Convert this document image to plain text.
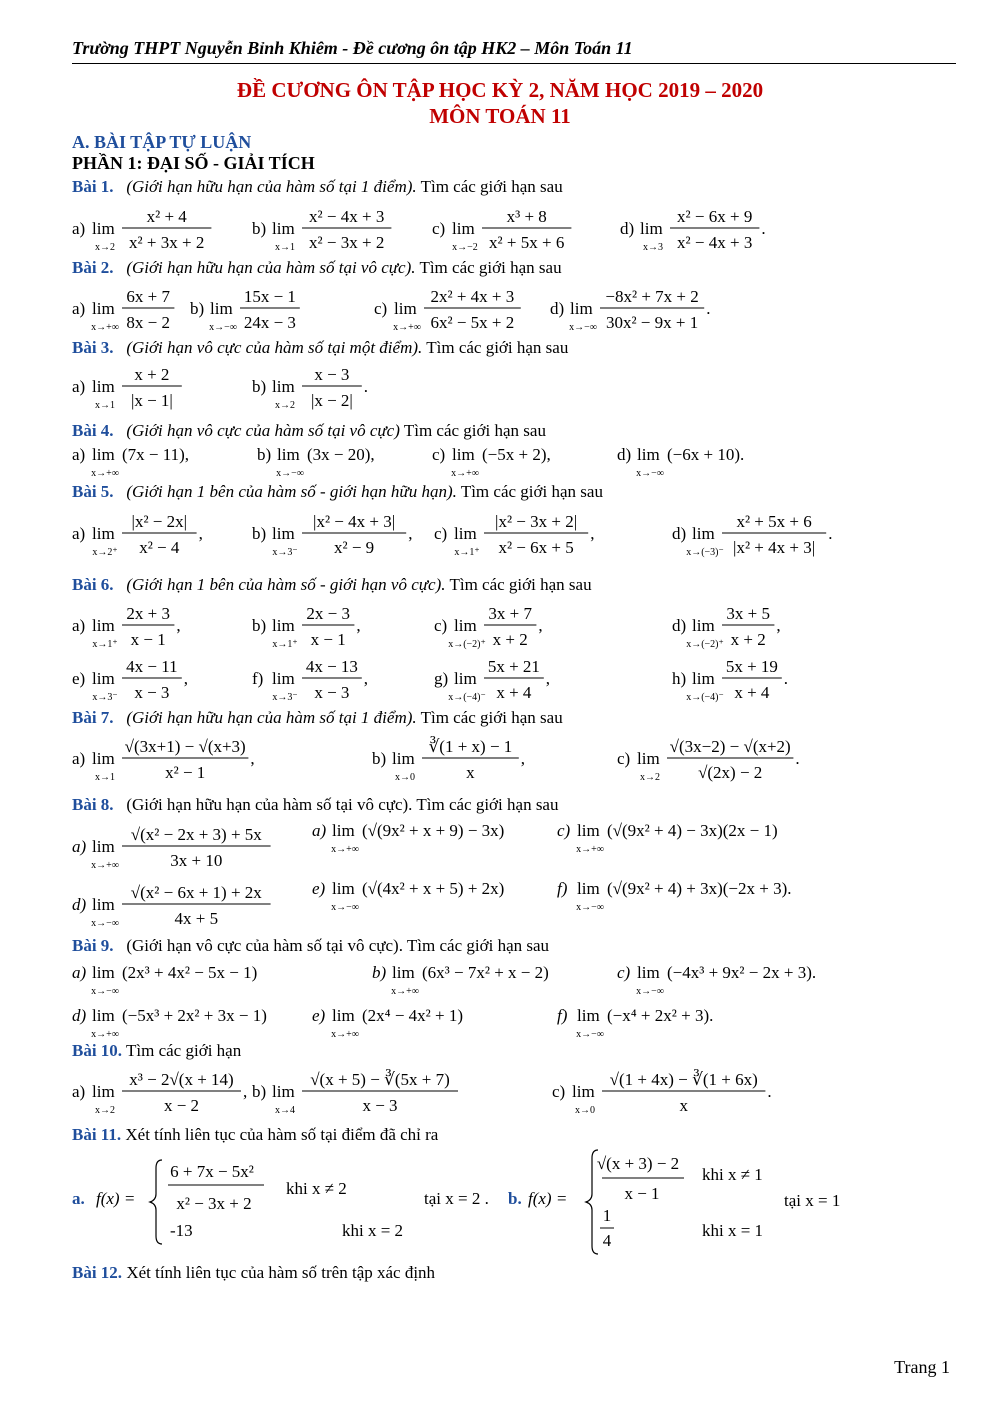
Trường THPT Nguyễn Bỉnh Khiêm - Đề cương ôn tập HK2 – Môn Toán 11
ĐỀ CƯƠNG ÔN TẬP HỌC KỲ 2, NĂM HỌC 2019 – 2020
MÔN TOÁN 11
A. BÀI TẬP TỰ LUẬN
PHẦN 1: ĐẠI SỐ - GIẢI TÍCH
Bài 1. (Giới hạn hữu hạn của hàm số tại 1 điểm). Tìm các giới hạn sau
a) lim
x→2
x² + 4
x² + 3x + 2
b) lim
x→1
x² − 4x + 3
x² − 3x + 2
c) lim
x→−2
x³ + 8
x² + 5x + 6
d) lim
x→3
x² − 6x + 9
x² − 4x + 3
.
Bài 2. (Giới hạn hữu hạn của hàm số tại vô cực). Tìm các giới hạn sau
a) lim
x→+∞
6x + 7
8x − 2
b) lim
x→−∞
15x − 1
24x − 3
c) lim
x→+∞
2x² + 4x + 3
6x² − 5x + 2
d) lim
x→−∞
−8x² + 7x + 2
30x² − 9x + 1
.
Bài 3. (Giới hạn vô cực của hàm số tại một điểm). Tìm các giới hạn sau
a) lim
x→1
x + 2
|x − 1|
b) lim
x→2
x − 3
|x − 2|
.
Bài 4. (Giới hạn vô cực của hàm số tại vô cực) Tìm các giới hạn sau
a) lim
x→+∞
(7x − 11),	b) lim
x→−∞
(3x − 20),	c) lim
x→+∞
(−5x + 2),	d) lim
x→−∞
(−6x + 10).
Bài 5. (Giới hạn 1 bên của hàm số - giới hạn hữu hạn). Tìm các giới hạn sau
a) lim
x→2⁺
|x² − 2x|
x² − 4
,	b) lim
x→3⁻
|x² − 4x + 3|
x² − 9
, c) lim
x→1⁺
|x² − 3x + 2|
x² − 6x + 5
,	d) lim
x→(−3)⁻
x² + 5x + 6
|x² + 4x + 3|
.
Bài 6. (Giới hạn 1 bên của hàm số - giới hạn vô cực). Tìm các giới hạn sau
a) lim
x→1⁺
2x + 3
x − 1
,	b) lim
x→1⁺
2x − 3
x − 1
,	c) lim
x→(−2)⁺
3x + 7
x + 2
,	d) lim
x→(−2)⁺
3x + 5
x + 2
,
e) lim
x→3⁻
4x − 11
x − 3
,	f) lim
x→3⁻
4x − 13
x − 3
,	g) lim
x→(−4)⁻
5x + 21
x + 4
,	h) lim
x→(−4)⁻
5x + 19
x + 4
.
Bài 7. (Giới hạn hữu hạn của hàm số tại 1 điểm). Tìm các giới hạn sau
a) lim
x→1
√(3x+1) − √(x+3)
x² − 1
,	b) lim
x→0
∛(1 + x) − 1
x
,	c) lim
x→2
√(3x−2) − √(x+2)
√(2x) − 2
.
Bài 8. (Giới hạn hữu hạn của hàm số tại vô cực). Tìm các giới hạn sau
a) lim
x→+∞
√(x² − 2x + 3) + 5x
3x + 10
a) lim
x→+∞
(√(9x² + x + 9) − 3x)	c) lim
x→+∞
(√(9x² + 4) − 3x)(2x − 1)
d) lim
x→−∞
√(x² − 6x + 1) + 2x
4x + 5
e) lim
x→−∞
(√(4x² + x + 5) + 2x)	f) lim
x→−∞
(√(9x² + 4) + 3x)(−2x + 3).
Bài 9. (Giới hạn vô cực của hàm số tại vô cực). Tìm các giới hạn sau
a) lim
x→−∞
(2x³ + 4x² − 5x − 1)	b) lim
x→+∞
(6x³ − 7x² + x − 2)	c) lim
x→−∞
(−4x³ + 9x² − 2x + 3).
d) lim
x→+∞
(−5x³ + 2x² + 3x − 1)	e) lim
x→+∞
(2x⁴ − 4x² + 1)	f) lim
x→−∞
(−x⁴ + 2x² + 3).
Bài 10. Tìm các giới hạn
a) lim
x→2
x³ − 2√(x + 14)
x − 2
, b) lim
x→4
√(x + 5) − ∛(5x + 7)
x − 3
c) lim
x→0
√(1 + 4x) − ∛(1 + 6x)
x
.
Bài 11. Xét tính liên tục của hàm số tại điểm đã chỉ ra
a. f(x) =
6 + 7x − 5x²
x² − 3x + 2
khi x ≠ 2
-13	khi x = 2
tại x = 2 . b. f(x) =
√(x + 3) − 2
x − 1
khi x ≠ 1
1
4
khi x = 1
tại x = 1
Bài 12. Xét tính liên tục của hàm số trên tập xác định
Trang 1
